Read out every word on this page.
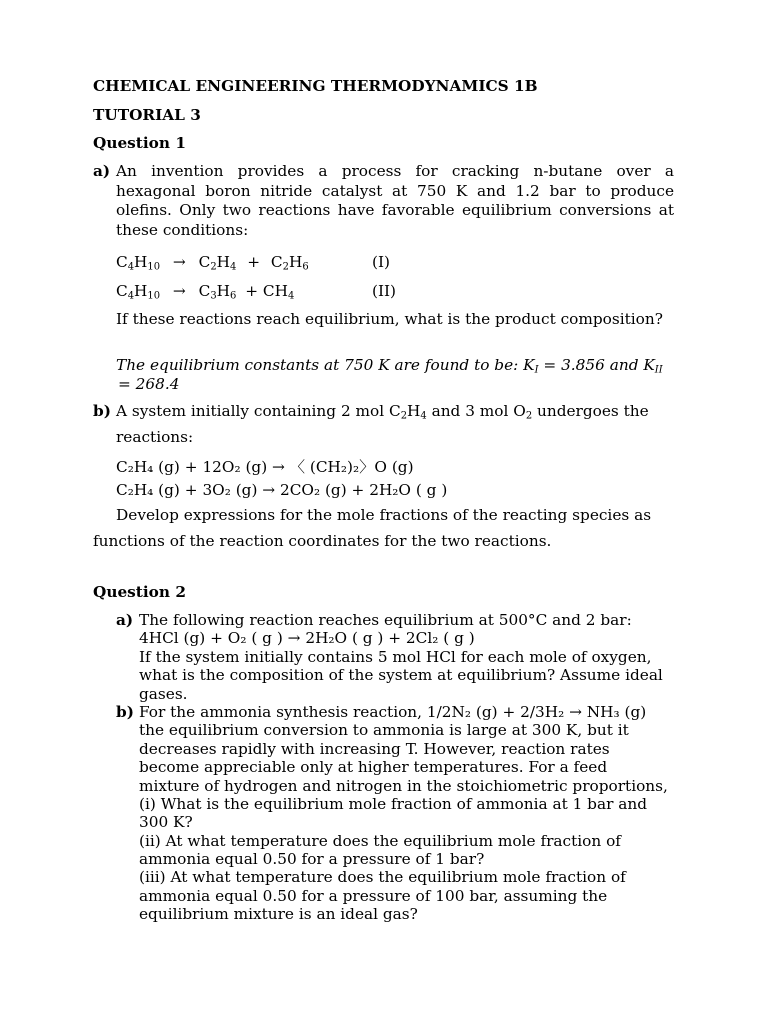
CHEMICAL ENGINEERING THERMODYNAMICS 1B
TUTORIAL 3
Question 1
a) An invention provides a process for cracking n-butane over a
hexagonal boron nitride catalyst at 750 K and 1.2 bar to produce
olefins. Only two reactions have favorable equilibrium conversions at
these conditions:
$C_4H_{10} \to C_2H_4 + C_2H_6$	(I)
$C_4H_{10} \to C_3H_6 + CH_4$	(II)
If these reactions reach equilibrium, what is the product composition?
The equilibrium constants at 750 K are found to be: $K_I = 3.856$ and $K_{II}$
= 268.4
b) A system initially containing 2 mol $C_2H_4$ and 3 mol $O_2$ undergoes the
reactions:
C₂H₄ (g) + 12O₂ (g) → 〈 (CH₂)₂〉O (g)
C₂H₄ (g) + 3O₂ (g) → 2CO₂ (g) + 2H₂O ( g )
Develop expressions for the mole fractions of the reacting species as
functions of the reaction coordinates for the two reactions.
Question 2
a) The following reaction reaches equilibrium at 500°C and 2 bar:
4HCl (g) + O₂ ( g ) → 2H₂O ( g ) + 2Cl₂ ( g )
If the system initially contains 5 mol HCl for each mole of oxygen,
what is the composition of the system at equilibrium? Assume ideal
gases.
b) For the ammonia synthesis reaction, 1/2N₂ (g) + 2/3H₂ → NH₃ (g)
the equilibrium conversion to ammonia is large at 300 K, but it
decreases rapidly with increasing T. However, reaction rates
become appreciable only at higher temperatures. For a feed
mixture of hydrogen and nitrogen in the stoichiometric proportions,
(i) What is the equilibrium mole fraction of ammonia at 1 bar and
300 K?
(ii) At what temperature does the equilibrium mole fraction of
ammonia equal 0.50 for a pressure of 1 bar?
(iii) At what temperature does the equilibrium mole fraction of
ammonia equal 0.50 for a pressure of 100 bar, assuming the
equilibrium mixture is an ideal gas?
